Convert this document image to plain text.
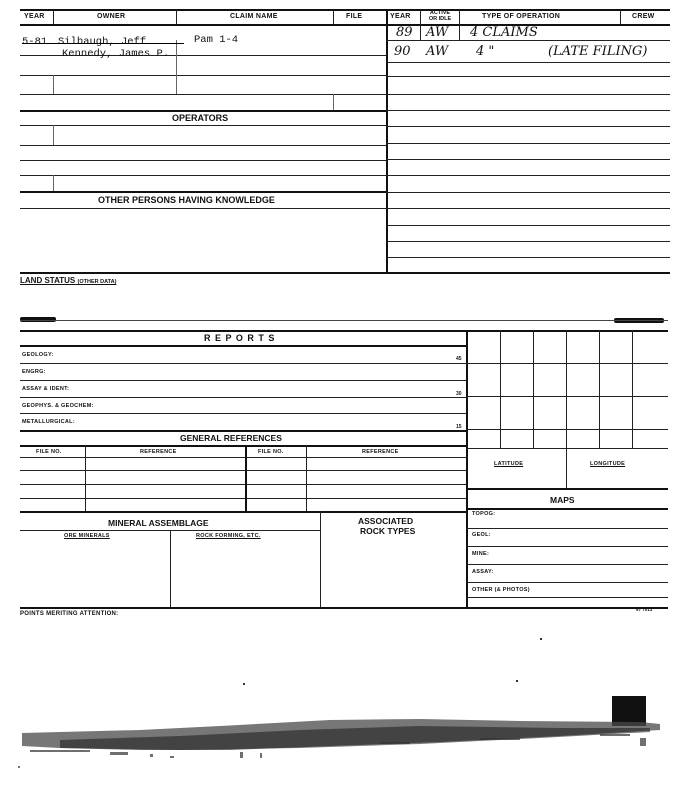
YEAR	OWNER	CLAIM NAME	FILE	YEAR	ACTIVE
OR IDLE	TYPE OF OPERATION	CREW
5-81 Silbaugh, Jeff	Pam 1-4
Kennedy, James P.
89 AW 4 CLAIMS
90 AW 4 "	(LATE FILING)
OPERATORS
OTHER PERSONS HAVING KNOWLEDGE
LAND STATUS (OTHER DATA)
R E P O R T S
GEOLOGY:
45
ENGRG:
ASSAY & IDENT:
30
GEOPHYS. & GEOCHEM:
METALLURGICAL:
15
GENERAL REFERENCES
FILE NO.	REFERENCE	FILE NO.	REFERENCE
MINERAL ASSEMBLAGE	ASSOCIATED
ROCK TYPES
ORE MINERALS	ROCK FORMING, ETC.
LATITUDE	LONGITUDE
MAPS
TOPOG:
GEOL:
MINE:
ASSAY:
OTHER (& PHOTOS)
POINTS MERITING ATTENTION:
97 7013
